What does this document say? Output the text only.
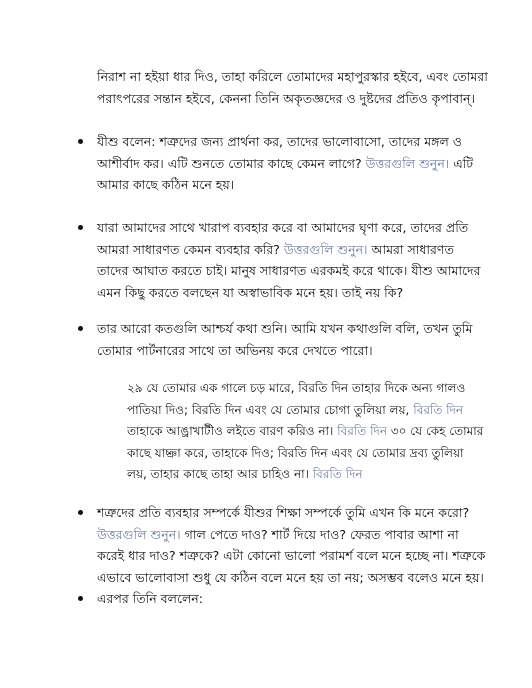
নিরাশ না হইয়া ধার দিও, তাহা করিলে তোমাদের মহাপুরস্কার হইবে, এবং তোমরা পরাৎপরের সন্তান হইবে, কেননা তিনি অকৃতজ্ঞদের ও দুষ্টদের প্রতিও কৃপাবান্।
যীশু বলেন: শত্রুদের জন্য প্রার্থনা কর, তাদের ভালোবাসো, তাদের মঙ্গল ও আশীর্বাদ কর। এটি শুনতে তোমার কাছে কেমন লাগে? উত্তরগুলি শুনুন। এটি আমার কাছে কঠিন মনে হয়।
যারা আমাদের সাথে খারাপ ব্যবহার করে বা আমাদের ঘৃণা করে, তাদের প্রতি আমরা সাধারণত কেমন ব্যবহার করি? উত্তরগুলি শুনুন। আমরা সাধারণত তাদের আঘাত করতে চাই। মানুষ সাধারণত এরকমই করে থাকে। যীশু আমাদের এমন কিছু করতে বলছেন যা অস্বাভাবিক মনে হয়। তাই নয় কি?
তার আরো কতগুলি আশ্চর্য কথা শুনি। আমি যখন কথাগুলি বলি, তখন তুমি তোমার পার্টনারের সাথে তা অভিনয় করে দেখতে পারো।
২৯ যে তোমার এক গালে চড় মারে, বিরতি দিন তাহার দিকে অন্য গালও পাতিয়া দিও; বিরতি দিন এবং যে তোমার চোগা তুলিয়া লয়, বিরতি দিন তাহাকে আঙ্রাখাটীও লইতে বারণ করিও না। বিরতি দিন ৩০ যে কেহ তোমার কাছে যাচ্ঞা করে, তাহাকে দিও; বিরতি দিন এবং যে তোমার দ্রব্য তুলিয়া লয়, তাহার কাছে তাহা আর চাহিও না। বিরতি দিন
শত্রুদের প্রতি ব্যবহার সম্পর্কে যীশুর শিক্ষা সম্পর্কে তুমি এখন কি মনে করো? উত্তরগুলি শুনুন। গাল পেতে দাও? শার্ট দিয়ে দাও? ফেরত পাবার আশা না করেই ধার দাও? শত্রুকে? এটা কোনো ভালো পরামর্শ বলে মনে হচ্ছে না। শত্রুকে এভাবে ভালোবাসা শুধু যে কঠিন বলে মনে হয় তা নয়; অসম্ভব বলেও মনে হয়।
এরপর তিনি বললেন:
